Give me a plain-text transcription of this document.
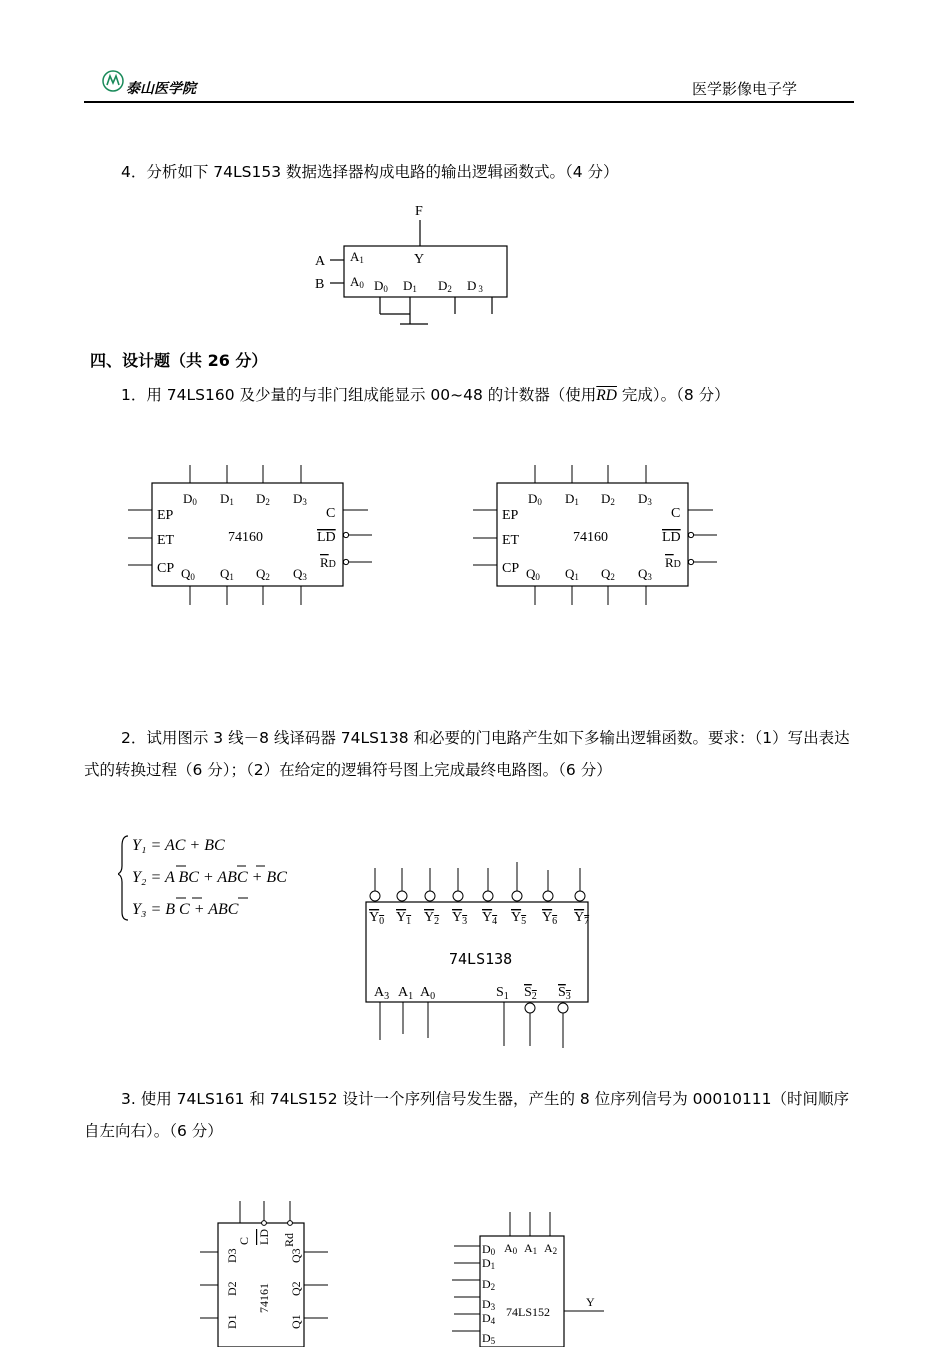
泰山医学院	医学影像电子学
4．分析如下 74LS153 数据选择器构成电路的输出逻辑函数式。（4 分）
F
Y
A
B
A1
A0 D0 D1 D2 D 3
四、设计题（共 26 分）
1．用 74LS160 及少量的与非门组成能显示 00~48 的计数器（使用$\overline{RD}$ 完成）。（8 分）
EP
ET
CP
74160
C
LD
RD
D0 D1 D2 D3
Q0 Q1 Q2 Q3
EP
ET
CP
74160
C
LD
RD
D0 D1 D2 D3
Q0 Q1 Q2 Q3
2．试用图示 3 线－8 线译码器 74LS138 和必要的门电路产生如下多输出逻辑函数。要求：（1）写出表达式的转换过程（6 分）；（2）在给定的逻辑符号图上完成最终电路图。（6 分）
Y₁ = AC + BC
Y₂ = A BC + ABC + BC
Y₃ = B C + ABC
74LS138
$Y_0$ $Y_1$ $Y_2$ $Y_3$ $Y_4$ $Y_5$ $Y_6$ $Y_7$
$A_3$ $A_1$ $A_0$	$S_1$ $S_2$ $S_3$
3. 使用 74LS161 和 74LS152 设计一个序列信号发生器，产生的 8 位序列信号为 00010111（时间顺序自左向右）。（6 分）
C LD Rd
74161
D3
D2
D1
Q3
Q2
Q1
D0
D1
D2
D3
D4
D5
A0 A1 A2
74LS152
Y
